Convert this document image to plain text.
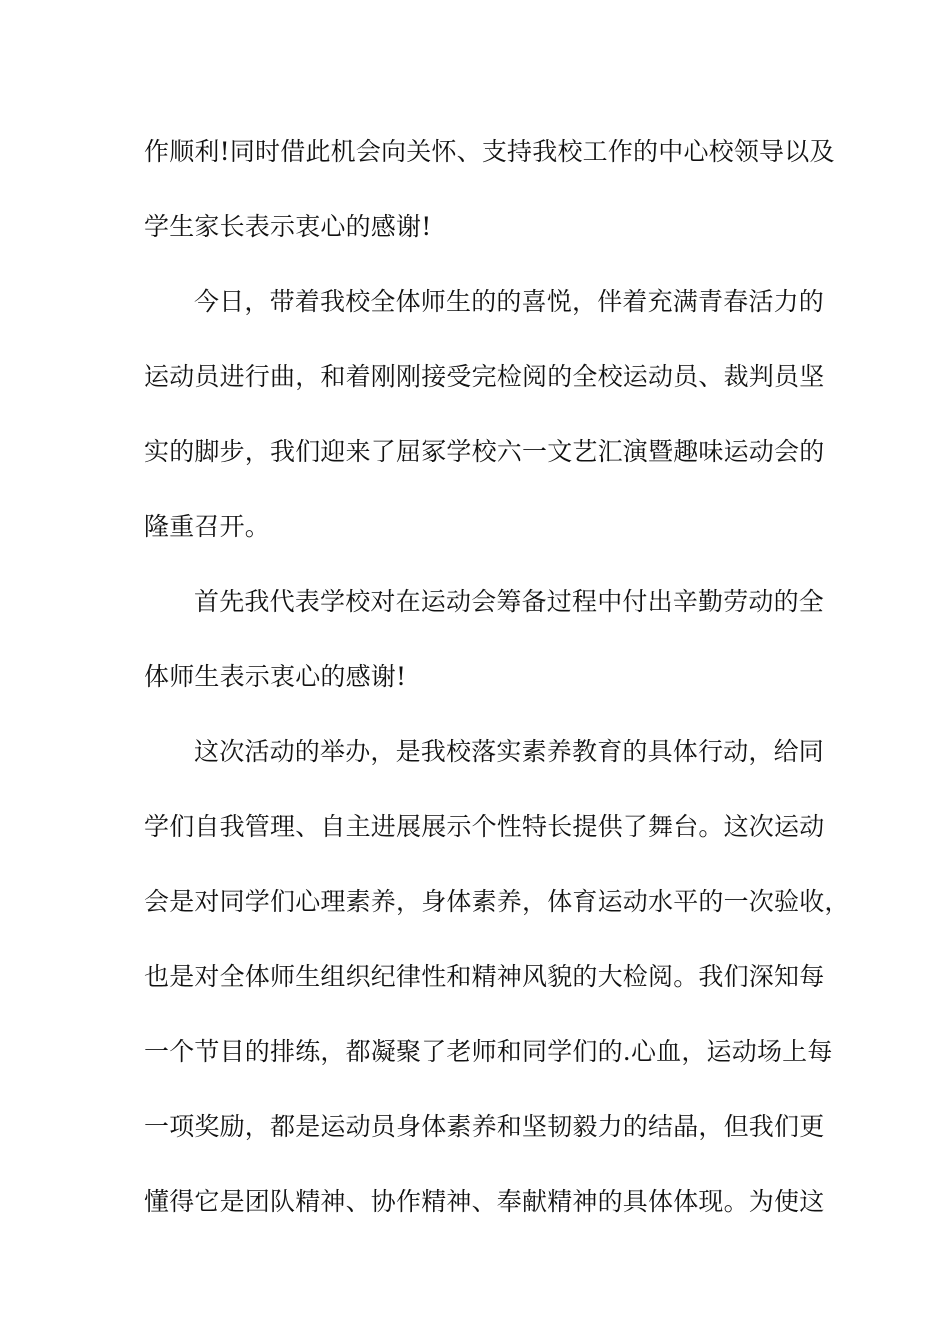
作顺利!同时借此机会向关怀、支持我校工作的中心校领导以及
学生家长表示衷心的感谢!
今日，带着我校全体师生的的喜悦，伴着充满青春活力的
运动员进行曲，和着刚刚接受完检阅的全校运动员、裁判员坚
实的脚步，我们迎来了屈冢学校六一文艺汇演暨趣味运动会的
隆重召开。
首先我代表学校对在运动会筹备过程中付出辛勤劳动的全
体师生表示衷心的感谢!
这次活动的举办，是我校落实素养教育的具体行动，给同
学们自我管理、自主进展展示个性特长提供了舞台。这次运动
会是对同学们心理素养，身体素养，体育运动水平的一次验收，
也是对全体师生组织纪律性和精神风貌的大检阅。我们深知每
一个节目的排练，都凝聚了老师和同学们的.心血，运动场上每
一项奖励，都是运动员身体素养和坚韧毅力的结晶，但我们更
懂得它是团队精神、协作精神、奉献精神的具体体现。为使这
